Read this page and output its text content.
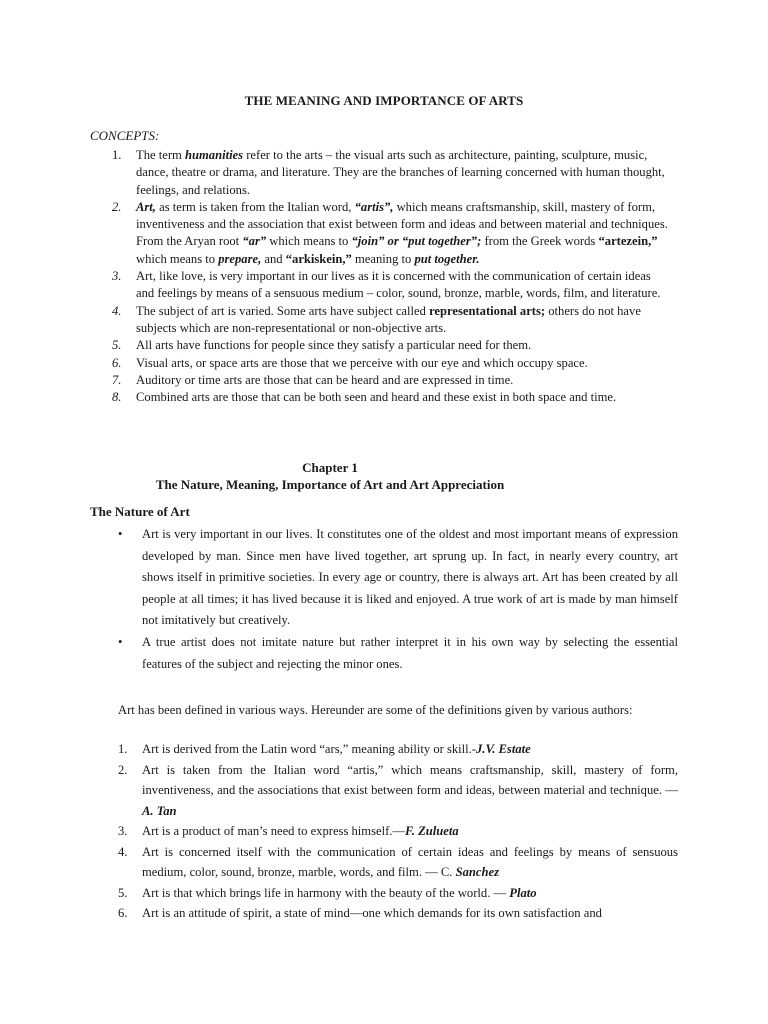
THE MEANING AND IMPORTANCE OF ARTS
CONCEPTS:
1. The term humanities refer to the arts – the visual arts such as architecture, painting, sculpture, music, dance, theatre or drama, and literature. They are the branches of learning concerned with human thought, feelings, and relations.
2. Art, as term is taken from the Italian word, “artis”, which means craftsmanship, skill, mastery of form, inventiveness and the association that exist between form and ideas and between material and techniques. From the Aryan root “ar” which means to “join” or “put together”; from the Greek words “artezein,” which means to prepare, and “arkiskein,” meaning to put together.
3. Art, like love, is very important in our lives as it is concerned with the communication of certain ideas and feelings by means of a sensuous medium – color, sound, bronze, marble, words, film, and literature.
4. The subject of art is varied. Some arts have subject called representational arts; others do not have subjects which are non-representational or non-objective arts.
5. All arts have functions for people since they satisfy a particular need for them.
6. Visual arts, or space arts are those that we perceive with our eye and which occupy space.
7. Auditory or time arts are those that can be heard and are expressed in time.
8. Combined arts are those that can be both seen and heard and these exist in both space and time.
Chapter 1
The Nature, Meaning, Importance of Art and Art Appreciation
The Nature of Art
• Art is very important in our lives. It constitutes one of the oldest and most important means of expression developed by man. Since men have lived together, art sprung up. In fact, in nearly every country, art shows itself in primitive societies. In every age or country, there is always art. Art has been created by all people at all times; it has lived because it is liked and enjoyed. A true work of art is made by man himself not imitatively but creatively.
• A true artist does not imitate nature but rather interpret it in his own way by selecting the essential features of the subject and rejecting the minor ones.

Art has been defined in various ways. Hereunder are some of the definitions given by various authors:

1. Art is derived from the Latin word “ars,” meaning ability or skill.-J.V. Estate
2. Art is taken from the Italian word “artis,” which means craftsmanship, skill, mastery of form, inventiveness, and the associations that exist between form and ideas, between material and technique. —A. Tan
3. Art is a product of man’s need to express himself.—F. Zulueta
4. Art is concerned itself with the communication of certain ideas and feelings by means of sensuous medium, color, sound, bronze, marble, words, and film. — C. Sanchez
5. Art is that which brings life in harmony with the beauty of the world. — Plato
6. Art is an attitude of spirit, a state of mind—one which demands for its own satisfaction and
